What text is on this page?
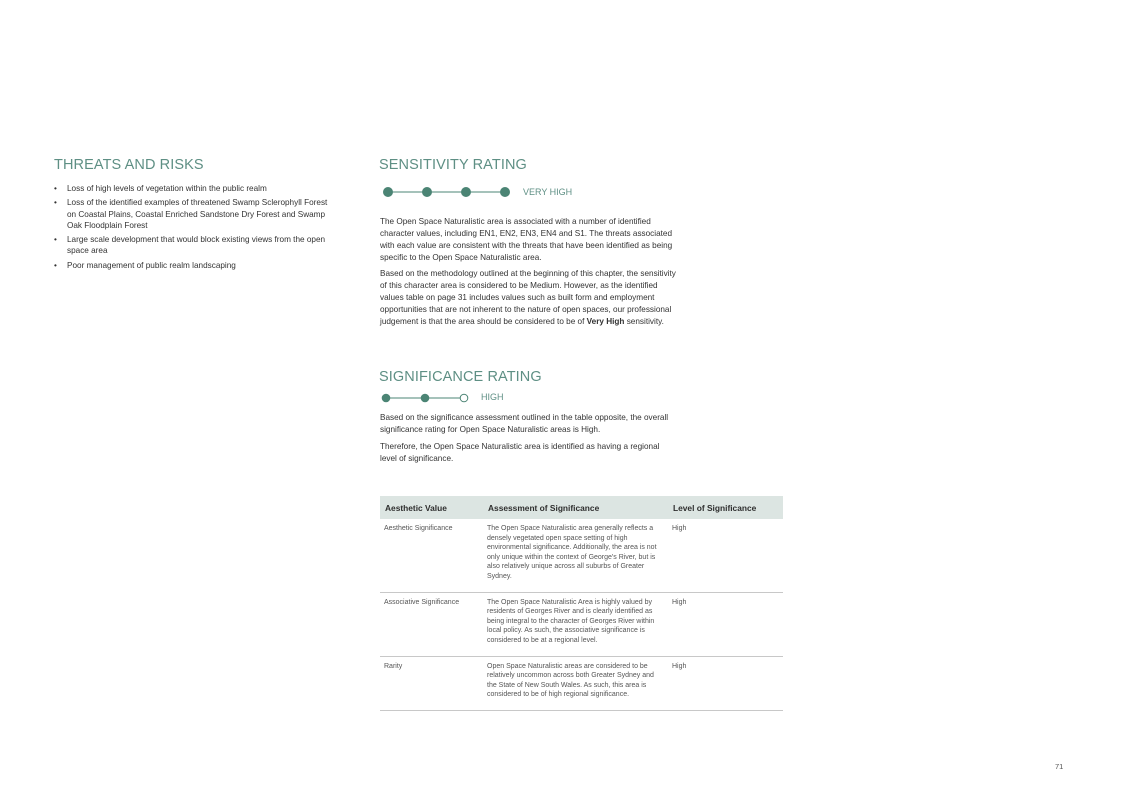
THREATS AND RISKS
• Loss of high levels of vegetation within the public realm
• Loss of the identified examples of threatened Swamp Sclerophyll Forest on Coastal Plains, Coastal Enriched Sandstone Dry Forest and Swamp Oak Floodplain Forest
• Large scale development that would block existing views from the open space area
• Poor management of public realm landscaping
SENSITIVITY RATING
VERY HIGH

The Open Space Naturalistic area is associated with a number of identified character values, including EN1, EN2, EN3, EN4 and S1. The threats associated with each value are consistent with the threats that have been identified as being specific to the Open Space Naturalistic area.

Based on the methodology outlined at the beginning of this chapter, the sensitivity of this character area is considered to be Medium. However, as the identified values table on page 31 includes values such as built form and employment opportunities that are not inherent to the nature of open spaces, our professional judgement is that the area should be considered to be of Very High sensitivity.

SIGNIFICANCE RATING
HIGH

Based on the significance assessment outlined in the table opposite, the overall significance rating for Open Space Naturalistic areas is High.

Therefore, the Open Space Naturalistic area is identified as having a regional level of significance.

Aesthetic Value	Assessment of Significance	Level of Significance
Aesthetic Significance	The Open Space Naturalistic area generally reflects a densely vegetated open space setting of high environmental significance. Additionally, the area is not only unique within the context of George's River, but is also relatively unique across all suburbs of Greater Sydney.	High
Associative Significance	The Open Space Naturalistic Area is highly valued by residents of Georges River and is clearly identified as being integral to the character of Georges River within local policy. As such, the associative significance is considered to be at a regional level.	High
Rarity	Open Space Naturalistic areas are considered to be relatively uncommon across both Greater Sydney and the State of New South Wales. As such, this area is considered to be of high regional significance.	High
71
